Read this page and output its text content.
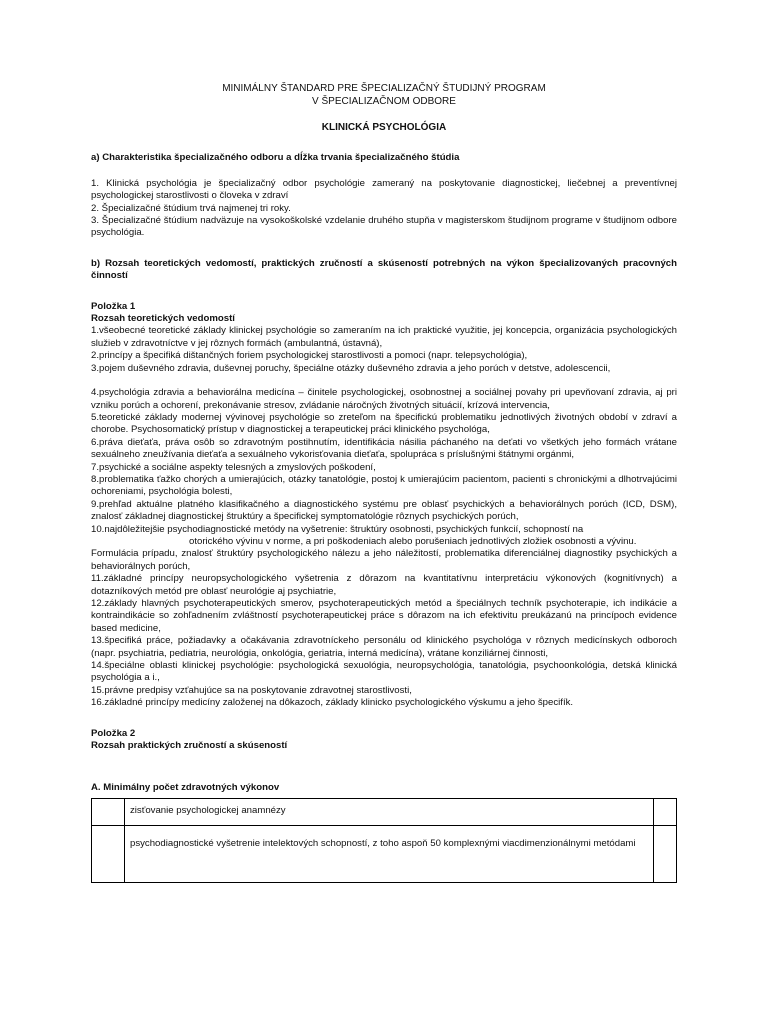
MINIMÁLNY ŠTANDARD PRE ŠPECIALIZAČNÝ ŠTUDIJNÝ PROGRAM

V ŠPECIALIZAČNOM ODBORE

KLINICKÁ PSYCHOLÓGIA

a) Charakteristika špecializačného odboru a dĺžka trvania špecializačného štúdia

1. Klinická psychológia je špecializačný odbor psychológie zameraný na poskytovanie diagnostickej, liečebnej a preventívnej psychologickej starostlivosti o človeka v zdraví

2. Špecializačné štúdium trvá najmenej tri roky.

3. Špecializačné štúdium nadväzuje na vysokoškolské vzdelanie druhého stupňa v magisterskom študijnom programe v študijnom odbore psychológia.

b) Rozsah teoretických vedomostí, praktických zručností a skúseností potrebných na výkon špecializovaných pracovných činností

Položka 1

Rozsah teoretických vedomostí

1.všeobecné teoretické základy klinickej psychológie so zameraním na ich praktické využitie, jej koncepcia, organizácia psychologických služieb v zdravotníctve v jej rôznych formách (ambulantná, ústavná),

2.princípy a špecifiká dištančných foriem psychologickej starostlivosti a pomoci (napr. telepsychológia),

3.pojem duševného zdravia, duševnej poruchy, špeciálne otázky duševného zdravia a jeho porúch v detstve, adolescencii,

4.psychológia zdravia a behaviorálna medicína – činitele psychologickej, osobnostnej a sociálnej povahy pri upevňovaní zdravia, aj pri vzniku porúch a ochorení, prekonávanie stresov, zvládanie náročných životných situácií, krízová intervencia,

5.teoretické základy modernej vývinovej psychológie so zreteľom na špecifickú problematiku jednotlivých životných období v zdraví a chorobe. Psychosomatický prístup v diagnostickej a terapeutickej práci klinického psychológa,

6.práva dieťaťa, práva osôb so zdravotným postihnutím, identifikácia násilia páchaného na deťati vo všetkých jeho formách vrátane sexuálneho zneužívania dieťaťa a sexuálneho vykorisťovania dieťaťa, spolupráca s príslušnými štátnymi orgánmi,

7.psychické a sociálne aspekty telesných a zmyslových poškodení,

8.problematika ťažko chorých a umierajúcich, otázky tanatológie, postoj k umierajúcim pacientom, pacienti s chronickými a dlhotrvajúcimi ochoreniami, psychológia bolesti,

9.prehľad aktuálne platného klasifikačného a diagnostického systému pre oblasť psychických a behaviorálnych porúch (ICD, DSM), znalosť základnej diagnostickej štruktúry a špecifickej symptomatológie rôznych psychických porúch,

10.najdôležitejšie psychodiagnostické metódy na vyšetrenie: štruktúry osobnosti, psychických funkcií, schopností na

otorického vývinu v norme, a pri poškodeniach alebo porušeniach jednotlivých zložiek osobnosti a vývinu.

Formulácia prípadu, znalosť štruktúry psychologického nálezu a jeho náležitostí, problematika diferenciálnej diagnostiky psychických a behaviorálnych porúch,

11.základné princípy neuropsychologického vyšetrenia z dôrazom na kvantitatívnu interpretáciu výkonových (kognitívnych) a dotazníkových metód pre oblasť neurológie aj psychiatrie,

12.základy hlavných psychoterapeutických smerov, psychoterapeutických metód a špeciálnych techník psychoterapie, ich indikácie a kontraindikácie so zohľadnením zvláštností psychoterapeutickej práce s dôrazom na ich efektivitu preukázanú na princípoch evidence based medicine,

13.špecifiká práce, požiadavky a očakávania zdravotníckeho personálu od klinického psychológa v rôznych medicínskych odboroch (napr. psychiatria, pediatria, neurológia, onkológia, geriatria, interná medicína), vrátane konziliárnej činnosti,

14.špeciálne oblasti klinickej psychológie: psychologická sexuológia, neuropsychológia, tanatológia, psychoonkológia, detská klinická psychológia a i.,

15.právne predpisy vzťahujúce sa na poskytovanie zdravotnej starostlivosti,

16.základné princípy medicíny založenej na dôkazoch, základy klinicko psychologického výskumu a jeho špecifík.

Položka 2

Rozsah praktických zručností a skúseností

A. Minimálny počet zdravotných výkonov

	zisťovanie psychologickej anamnézy	
	psychodiagnostické vyšetrenie intelektových schopností, z toho aspoň 50 komplexnými viacdimenzionálnymi metódami	
